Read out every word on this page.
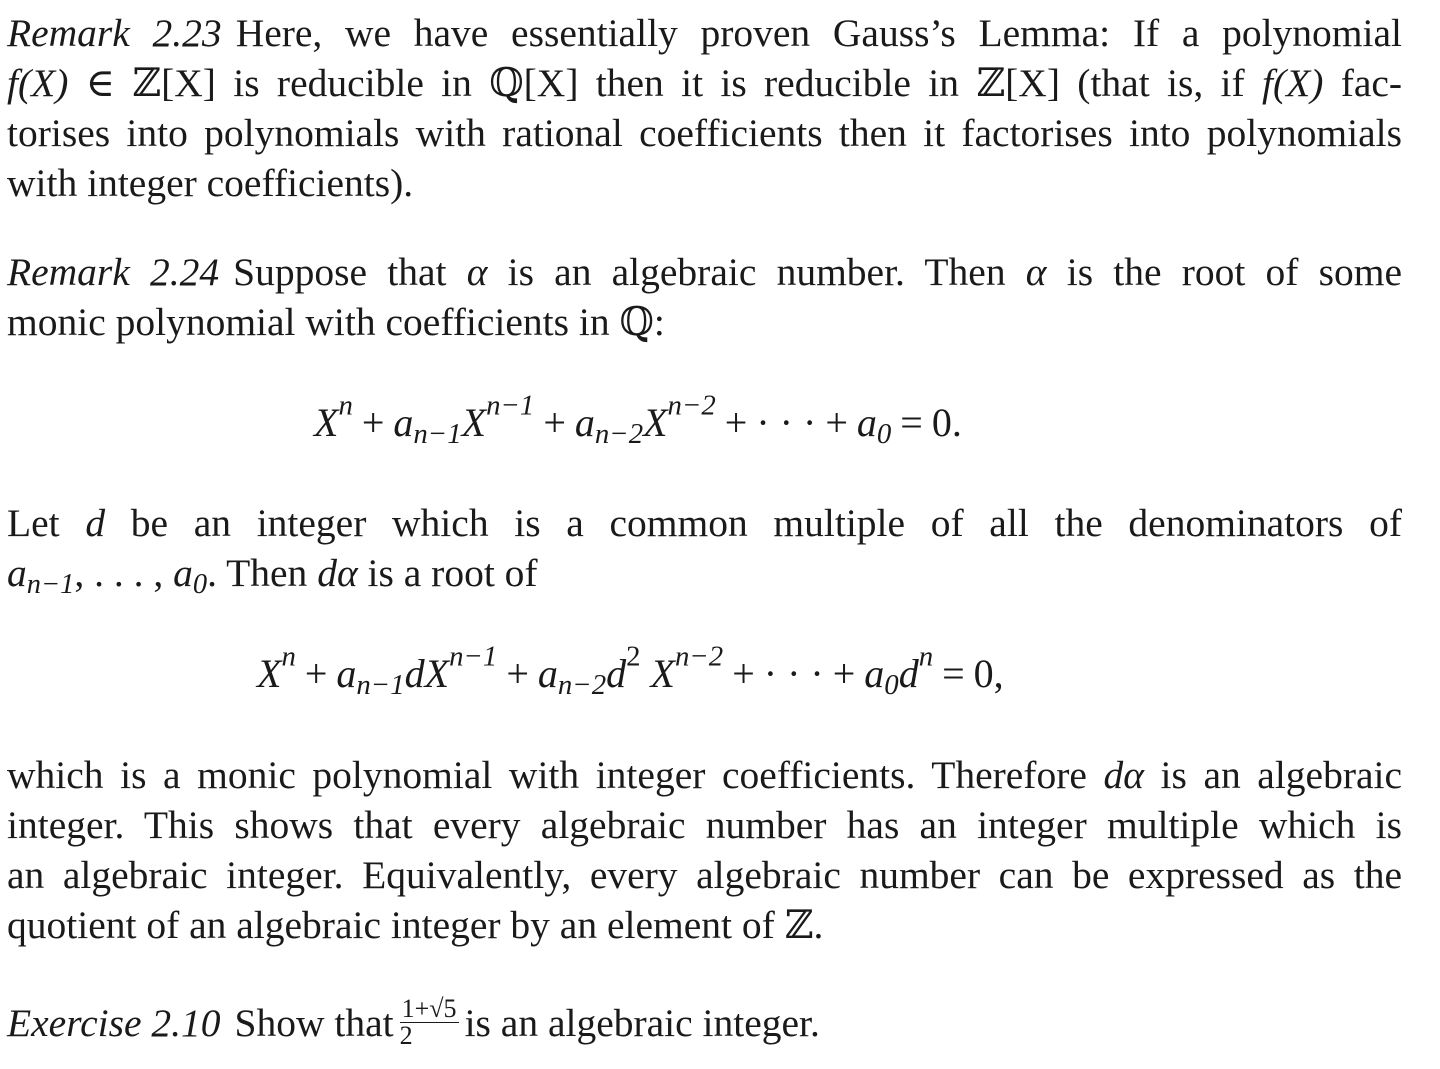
Remark 2.23 Here, we have essentially proven Gauss’s Lemma: If a polynomial
f(X) ∈ ℤ[X] is reducible in ℚ[X] then it is reducible in ℤ[X] (that is, if f(X) fac-
torises into polynomials with rational coefficients then it factorises into polynomials
with integer coefficients).
Remark 2.24 Suppose that α is an algebraic number. Then α is the root of some
monic polynomial with coefficients in ℚ:
$X^n + a_{n-1}X^{n-1} + a_{n-2}X^{n-2}$ + · · · + $a_0 = 0$.
Let d be an integer which is a common multiple of all the denominators of
$a_{n-1}$, . . . , $a_0$. Then dα is a root of
$X^n + a_{n-1}dX^{n-1} + a_{n-2}d^2$ $X^{n-2}$ + · · · + $a_0d^n = 0$,
which is a monic polynomial with integer coefficients. Therefore dα is an algebraic
integer. This shows that every algebraic number has an integer multiple which is
an algebraic integer. Equivalently, every algebraic number can be expressed as the
quotient of an algebraic integer by an element of ℤ.
Exercise 2.10 Show that $\frac{1+√5}{2}$ is an algebraic integer.
